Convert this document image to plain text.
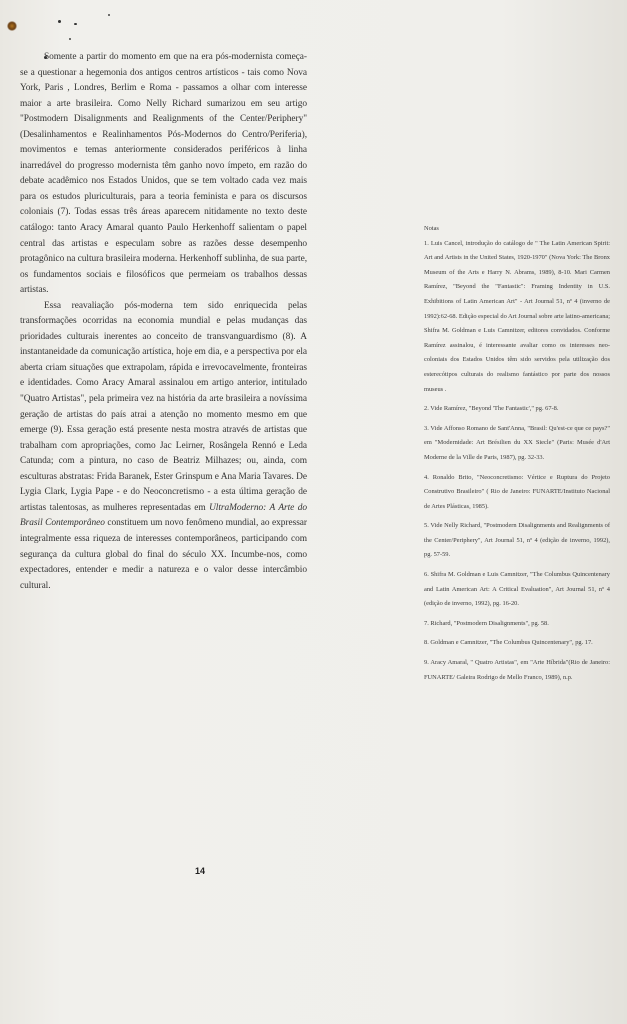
Somente a partir do momento em que na era pós-modernista começa-se a questionar a hegemonia dos antigos centros artísticos - tais como Nova York, Paris , Londres, Berlim e Roma - passamos a olhar com interesse maior a arte brasileira. Como Nelly Richard sumarizou em seu artigo "Postmodern Disalignments and Realignments of the Center/Periphery" (Desalinhamentos e Realinhamentos Pós-Modernos do Centro/Periferia), movimentos e temas anteriormente considerados periféricos à linha inarredável do progresso modernista têm ganho novo ímpeto, em razão do debate acadêmico nos Estados Unidos, que se tem voltado cada vez mais para os estudos pluriculturais, para a teoria feminista e para os discursos coloniais (7). Todas essas três áreas aparecem nitidamente no texto deste catálogo: tanto Aracy Amaral quanto Paulo Herkenhoff salientam o papel central das artistas e especulam sobre as razões desse desempenho protagônico na cultura brasileira moderna. Herkenhoff sublinha, de sua parte, os fundamentos sociais e filosóficos que permeiam os trabalhos dessas artistas.

Essa reavaliação pós-moderna tem sido enriquecida pelas transformações ocorridas na economia mundial e pelas mudanças das prioridades culturais inerentes ao conceito de transvanguardismo (8). A instantaneidade da comunicação artística, hoje em dia, e a perspectiva por ela aberta criam situações que extrapolam, rápida e irrevocavelmente, fronteiras e identidades. Como Aracy Amaral assinalou em artigo anterior, intitulado "Quatro Artistas", pela primeira vez na história da arte brasileira a novíssima geração de artistas do país atrai a atenção no momento mesmo em que emerge (9). Essa geração está presente nesta mostra através de artistas que trabalham com apropriações, como Jac Leirner, Rosângela Rennó e Leda Catunda; com a pintura, no caso de Beatriz Milhazes; ou, ainda, com esculturas abstratas: Frida Baranek, Ester Grinspum e Ana Maria Tavares. De Lygia Clark, Lygia Pape - e do Neoconcretismo - a esta última geração de artistas talentosas, as mulheres representadas em UltraModerno: A Arte do Brasil Contemporâneo constituem um novo fenômeno mundial, ao expressar integralmente essa riqueza de interesses contemporâneos, participando com segurança da cultura global do final do século XX. Incumbe-nos, como expectadores, entender e medir a natureza e o valor desse intercâmbio cultural.

Notas

1. Luis Cancel, introdução do catálogo de " The Latin American Spirit: Art and Artists in the United States, 1920-1970" (Nova York: The Bronx Museum of the Arts e Harry N. Abrams, 1989), 8-10. Mari Carmen Ramírez, "Beyond the "Fantastic": Framing Indentity in U.S. Exhibitions of Latin American Art" - Art Journal 51, nº 4 (inverno de 1992):62-68. Edição especial do Art Journal sobre arte latino-americana; Shifra M. Goldman e Luis Camnitzer, editores convidados. Conforme Ramírez assinalou, é interessante avaliar como os interesses neo-coloniais dos Estados Unidos têm sido servidos pela utilização dos esterecótipos culturais do realismo fantástico por parte dos nossos museus .

2. Vide Ramírez, "Beyond 'The Fantastic'," pg. 67-8.

3. Vide Affonso Romano de Sant'Anna, "Brasil: Qu'est-ce que ce pays?" em "Modernidade: Art Brésilien du XX Siecle" (Paris: Musée d'Art Moderne de la Ville de Paris, 1987), pg. 32-33.

4. Ronaldo Brito, "Neoconcretismo: Vértice e Ruptura do Projeto Construtivo Brasileiro" ( Rio de Janeiro: FUNARTE/Instituto Nacional de Artes Plásticas, 1985).

5. Vide Nelly Richard, "Postmodern Disalignments and Realignments of the Center/Periphery", Art Journal 51, nº 4 (edição de inverno, 1992), pg. 57-59.

6. Shifra M. Goldman e Luis Camnitzer, "The Columbus Quincentenary and Latin American Art: A Critical Evaluation", Art Journal 51, nº 4 (edição de inverno, 1992), pg. 16-20.

7. Richard, "Postmodern Disalignments", pg. 58.

8. Goldman e Camnitzer, "The Columbus Quincentenary", pg. 17.

9. Aracy Amaral, " Quatro Artistas", em "Arte Híbrida"(Rio de Janeiro: FUNARTE/ Galeira Rodrigo de Mello Franco, 1989), n.p.

14
